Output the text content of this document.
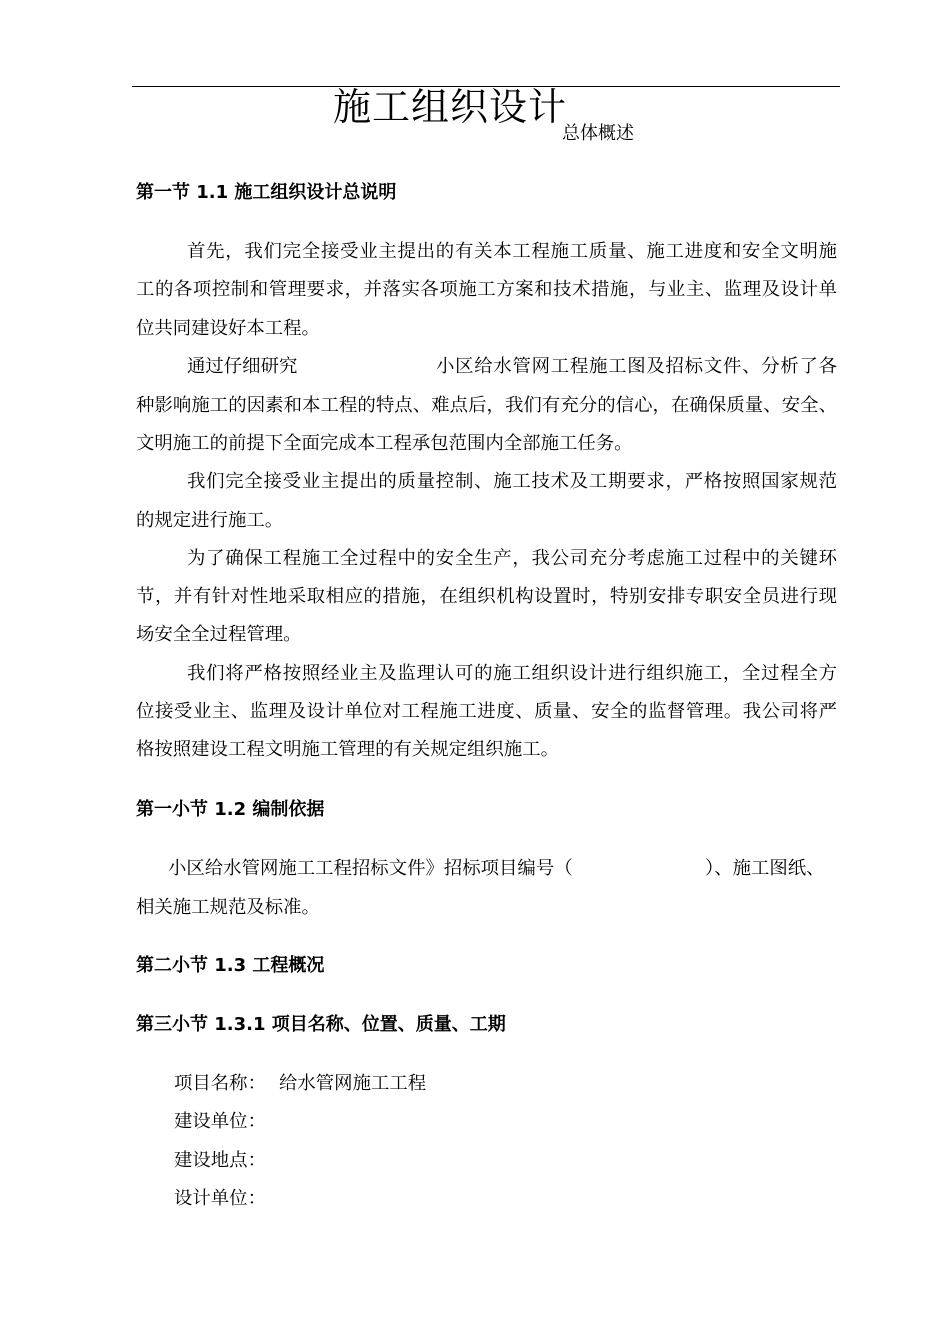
施工组织设计
总体概述
第一节 1.1 施工组织设计总说明
首先，我们完全接受业主提出的有关本工程施工质量、施工进度和安全文明施
工的各项控制和管理要求，并落实各项施工方案和技术措施，与业主、监理及设计单
位共同建设好本工程。
通过仔细研究	小区给水管网工程施工图及招标文件、分析了各
种影响施工的因素和本工程的特点、难点后，我们有充分的信心，在确保质量、安全、
文明施工的前提下全面完成本工程承包范围内全部施工任务。
我们完全接受业主提出的质量控制、施工技术及工期要求，严格按照国家规范
的规定进行施工。
为了确保工程施工全过程中的安全生产，我公司充分考虑施工过程中的关键环
节，并有针对性地采取相应的措施，在组织机构设置时，特别安排专职安全员进行现
场安全全过程管理。
我们将严格按照经业主及监理认可的施工组织设计进行组织施工，全过程全方
位接受业主、监理及设计单位对工程施工进度、质量、安全的监督管理。我公司将严
格按照建设工程文明施工管理的有关规定组织施工。
第一小节 1.2 编制依据
小区给水管网施工工程招标文件》招标项目编号（	）、施工图纸、
相关施工规范及标准。
第二小节 1.3 工程概况
第三小节 1.3.1 项目名称、位置、质量、工期
项目名称： 给水管网施工工程
建设单位：
建设地点：
设计单位：
